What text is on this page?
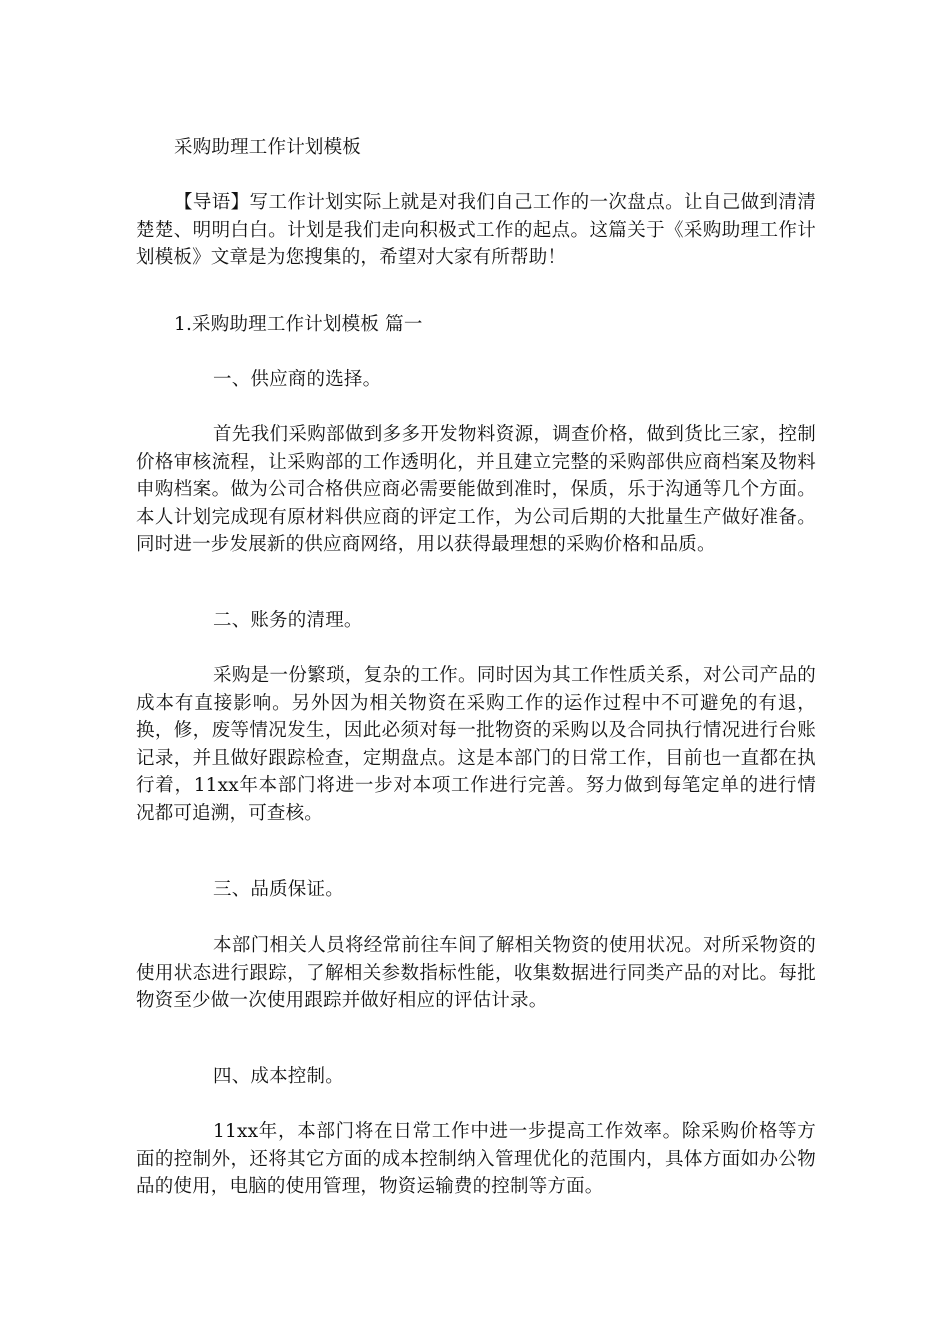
采购助理工作计划模板

【导语】写工作计划实际上就是对我们自己工作的一次盘点。让自己做到清清楚楚、明明白白。计划是我们走向积极式工作的起点。这篇关于《采购助理工作计划模板》文章是为您搜集的，希望对大家有所帮助！

1.采购助理工作计划模板 篇一

一、供应商的选择。

首先我们采购部做到多多开发物料资源，调查价格，做到货比三家，控制价格审核流程，让采购部的工作透明化，并且建立完整的采购部供应商档案及物料申购档案。做为公司合格供应商必需要能做到准时，保质，乐于沟通等几个方面。本人计划完成现有原材料供应商的评定工作，为公司后期的大批量生产做好准备。同时进一步发展新的供应商网络，用以获得最理想的采购价格和品质。

二、账务的清理。

采购是一份繁琐，复杂的工作。同时因为其工作性质关系，对公司产品的成本有直接影响。另外因为相关物资在采购工作的运作过程中不可避免的有退，换，修，废等情况发生，因此必须对每一批物资的采购以及合同执行情况进行台账记录，并且做好跟踪检查，定期盘点。这是本部门的日常工作，目前也一直都在执行着，11xx年本部门将进一步对本项工作进行完善。努力做到每笔定单的进行情况都可追溯，可查核。

三、品质保证。

本部门相关人员将经常前往车间了解相关物资的使用状况。对所采物资的使用状态进行跟踪，了解相关参数指标性能，收集数据进行同类产品的对比。每批物资至少做一次使用跟踪并做好相应的评估计录。

四、成本控制。

11xx年，本部门将在日常工作中进一步提高工作效率。除采购价格等方面的控制外，还将其它方面的成本控制纳入管理优化的范围内，具体方面如办公物品的使用，电脑的使用管理，物资运输费的控制等方面。
